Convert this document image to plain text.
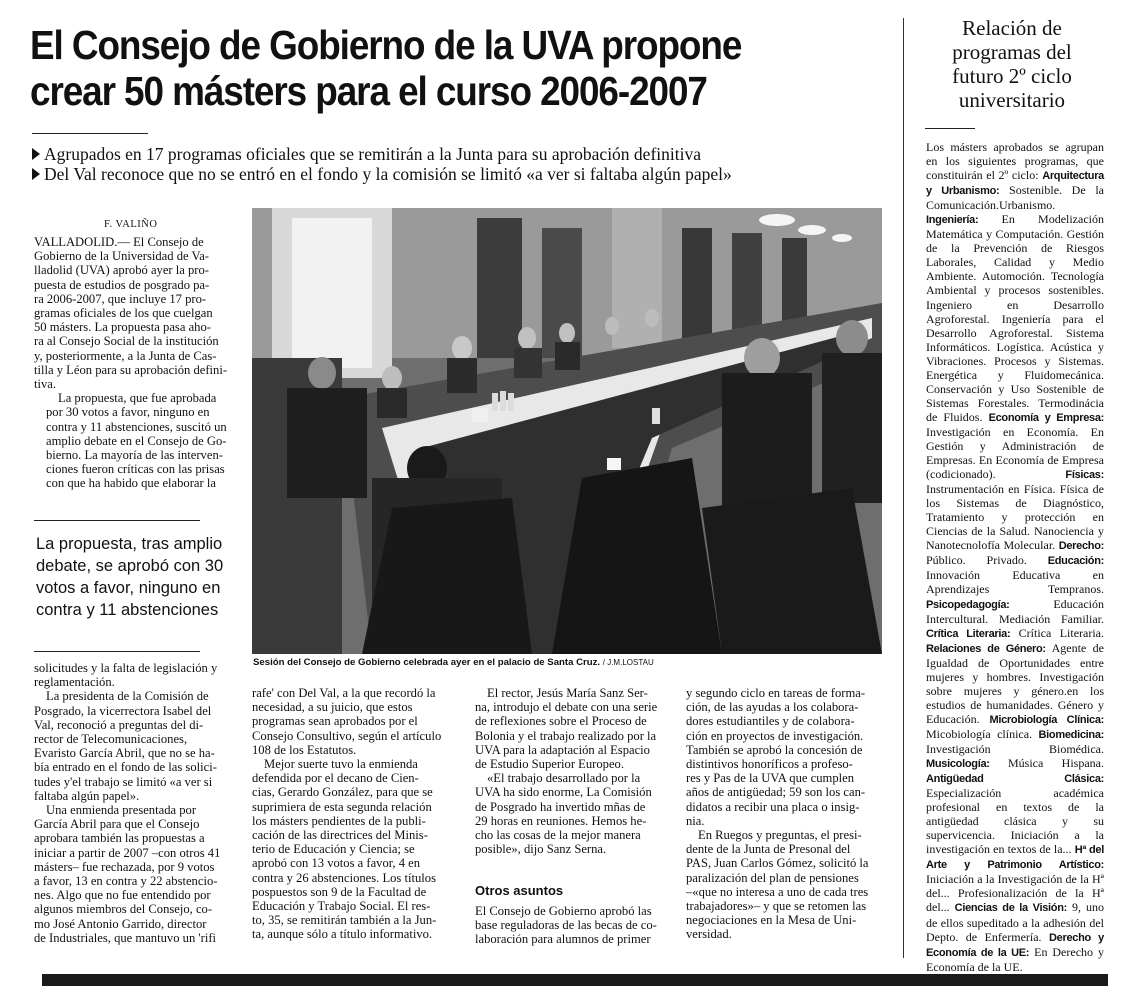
El Consejo de Gobierno de la UVA propone
crear 50 másters para el curso 2006-2007
Agrupados en 17 programas oficiales que se remitirán a la Junta para su aprobación definitiva
Del Val reconoce que no se entró en el fondo y la comisión se limitó «a ver si faltaba algún papel»
F. VALIÑO
VALLADOLID.— El Consejo de
Gobierno de la Universidad de Va-
lladolid (UVA) aprobó ayer la pro-
puesta de estudios de posgrado pa-
ra 2006-2007, que incluye 17 pro-
gramas oficiales de los que cuelgan
50 másters. La propuesta pasa aho-
ra al Consejo Social de la institución
y, posteriormente, a la Junta de Cas-
tilla y Léon para su aprobación defini-
tiva.
La propuesta, que fue aprobada
por 30 votos a favor, ninguno en
contra y 11 abstenciones, suscitó un
amplio debate en el Consejo de Go-
bierno. La mayoría de las interven-
ciones fueron críticas con las prisas
con que ha habido que elaborar la
La propuesta, tras amplio debate, se aprobó con 30 votos a favor, ninguno en contra y 11 abstenciones
solicitudes y la falta de legislación y
reglamentación.
La presidenta de la Comisión de
Posgrado, la vicerrectora Isabel del
Val, reconoció a preguntas del di-
rector de Telecomunicaciones,
Evaristo García Abril, que no se ha-
bía entrado en el fondo de las solici-
tudes y'el trabajo se limitó «a ver si
faltaba algún papel».
Una enmienda presentada por
García Abril para que el Consejo
aprobara también las propuestas a
iniciar a partir de 2007 –con otros 41
másters– fue rechazada, por 9 votos
a favor, 13 en contra y 22 abstencio-
nes. Algo que no fue entendido por
algunos miembros del Consejo, co-
mo José Antonio Garrido, director
de Industriales, que mantuvo un 'rifi
Sesión del Consejo de Gobierno celebrada ayer en el palacio de Santa Cruz. / J.M.LOSTAU
rafe' con Del Val, a la que recordó la
necesidad, a su juicio, que estos
programas sean aprobados por el
Consejo Consultivo, según el artículo
108 de los Estatutos.
Mejor suerte tuvo la enmienda
defendida por el decano de Cien-
cias, Gerardo González, para que se
suprimiera de esta segunda relación
los másters pendientes de la publi-
cación de las directrices del Minis-
terio de Educación y Ciencia; se
aprobó con 13 votos a favor, 4 en
contra y 26 abstenciones. Los títulos
pospuestos son 9 de la Facultad de
Educación y Trabajo Social. El res-
to, 35, se remitirán también a la Jun-
ta, aunque sólo a título informativo.
El rector, Jesús María Sanz Ser-
na, introdujo el debate con una serie
de reflexiones sobre el Proceso de
Bolonia y el trabajo realizado por la
UVA para la adaptación al Espacio
de Estudio Superior Europeo.
«El trabajo desarrollado por la
UVA ha sido enorme, La Comisión
de Posgrado ha invertido mñas de
29 horas en reuniones. Hemos he-
cho las cosas de la mejor manera
posible», dijo Sanz Serna.
Otros asuntos
El Consejo de Gobierno aprobó las
base reguladoras de las becas de co-
laboración para alumnos de primer
y segundo ciclo en tareas de forma-
ción, de las ayudas a los colabora-
dores estudiantiles y de colabora-
ción en proyectos de investigación.
También se aprobó la concesión de
distintivos honoríficos a profeso-
res y Pas de la UVA que cumplen
años de antigüedad; 59 son los can-
didatos a recibir una placa o insig-
nia.
En Ruegos y preguntas, el presi-
dente de la Junta de Presonal del
PAS, Juan Carlos Gómez, solicitó la
paralización del plan de pensiones
–«que no interesa a uno de cada tres
trabajadores»– y que se retomen las
negociaciones en la Mesa de Uni-
versidad.
Relación de
programas del
futuro 2º ciclo
universitario
Los másters aprobados se agrupan en los siguientes programas, que constituirán el 2º ciclo: Arquitectura y Urbanismo: Sostenible. De la Comunicación.Urbanismo. Ingeniería: En Modelización Matemática y Computación. Gestión de la Prevención de Riesgos Laborales, Calidad y Medio Ambiente. Automoción. Tecnología Ambiental y procesos sostenibles. Ingeniero en Desarrollo Agroforestal. Ingeniería para el Desarrollo Agroforestal. Sistema Informáticos. Logística. Acústica y Vibraciones. Procesos y Sistemas. Energética y Fluidomecánica. Conservación y Uso Sostenible de Sistemas Forestales. Termodinácia de Fluidos. Economía y Empresa: Investigación en Economía. En Gestión y Administración de Empresas. En Economía de Empresa (codicionado). Físicas: Instrumentación en Física. Física de los Sistemas de Diagnóstico, Tratamiento y protección en Ciencias de la Salud. Nanociencia y Nanotecnolofía Molecular. Derecho: Público. Privado. Educación: Innovación Educativa en Aprendizajes Tempranos. Psicopedagogía: Educación Intercultural. Mediación Familiar. Crítica Literaria: Crítica Literaria. Relaciones de Género: Agente de Igualdad de Oportunidades entre mujeres y hombres. Investigación sobre mujeres y género.en los estudios de humanidades. Género y Educación. Microbiología Clínica: Micobiología clínica. Biomedicina: Investigación Biomédica. Musicología: Música Hispana. Antigüedad Clásica: Especialización académica profesional en textos de la antigüedad clásica y su supervicencia. Iniciación a la investigación en textos de la... Hª del Arte y Patrimonio Artístico: Iniciación a la Investigación de la Hª del... Profesionalización de la Hª del... Ciencias de la Visión: 9, uno de ellos supeditado a la adhesión del Depto. de Enfermería. Derecho y Economía de la UE: En Derecho y Economía de la UE.
